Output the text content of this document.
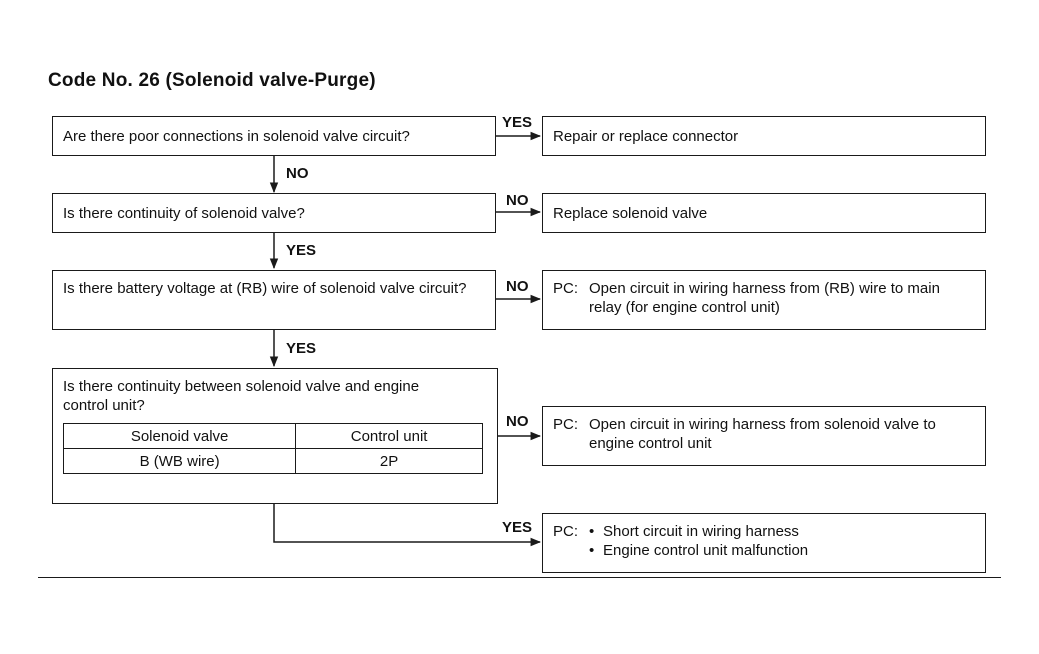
Code No. 26 (Solenoid valve-Purge)
Are there poor connections in solenoid valve circuit?
YES
Repair or replace connector
NO
Is there continuity of solenoid valve?
NO
Replace solenoid valve
YES
Is there battery voltage at (RB) wire of solenoid valve circuit?	NO PC: Open circuit in wiring harness from (RB) wire to main relay (for engine control unit)
YES
Is there continuity between solenoid valve and engine control unit?
Solenoid valve	Control unit
B (WB wire)	2P
NO PC: Open circuit in wiring harness from solenoid valve to engine control unit
YES PC:	• Short circuit in wiring harness
• Engine control unit malfunction
